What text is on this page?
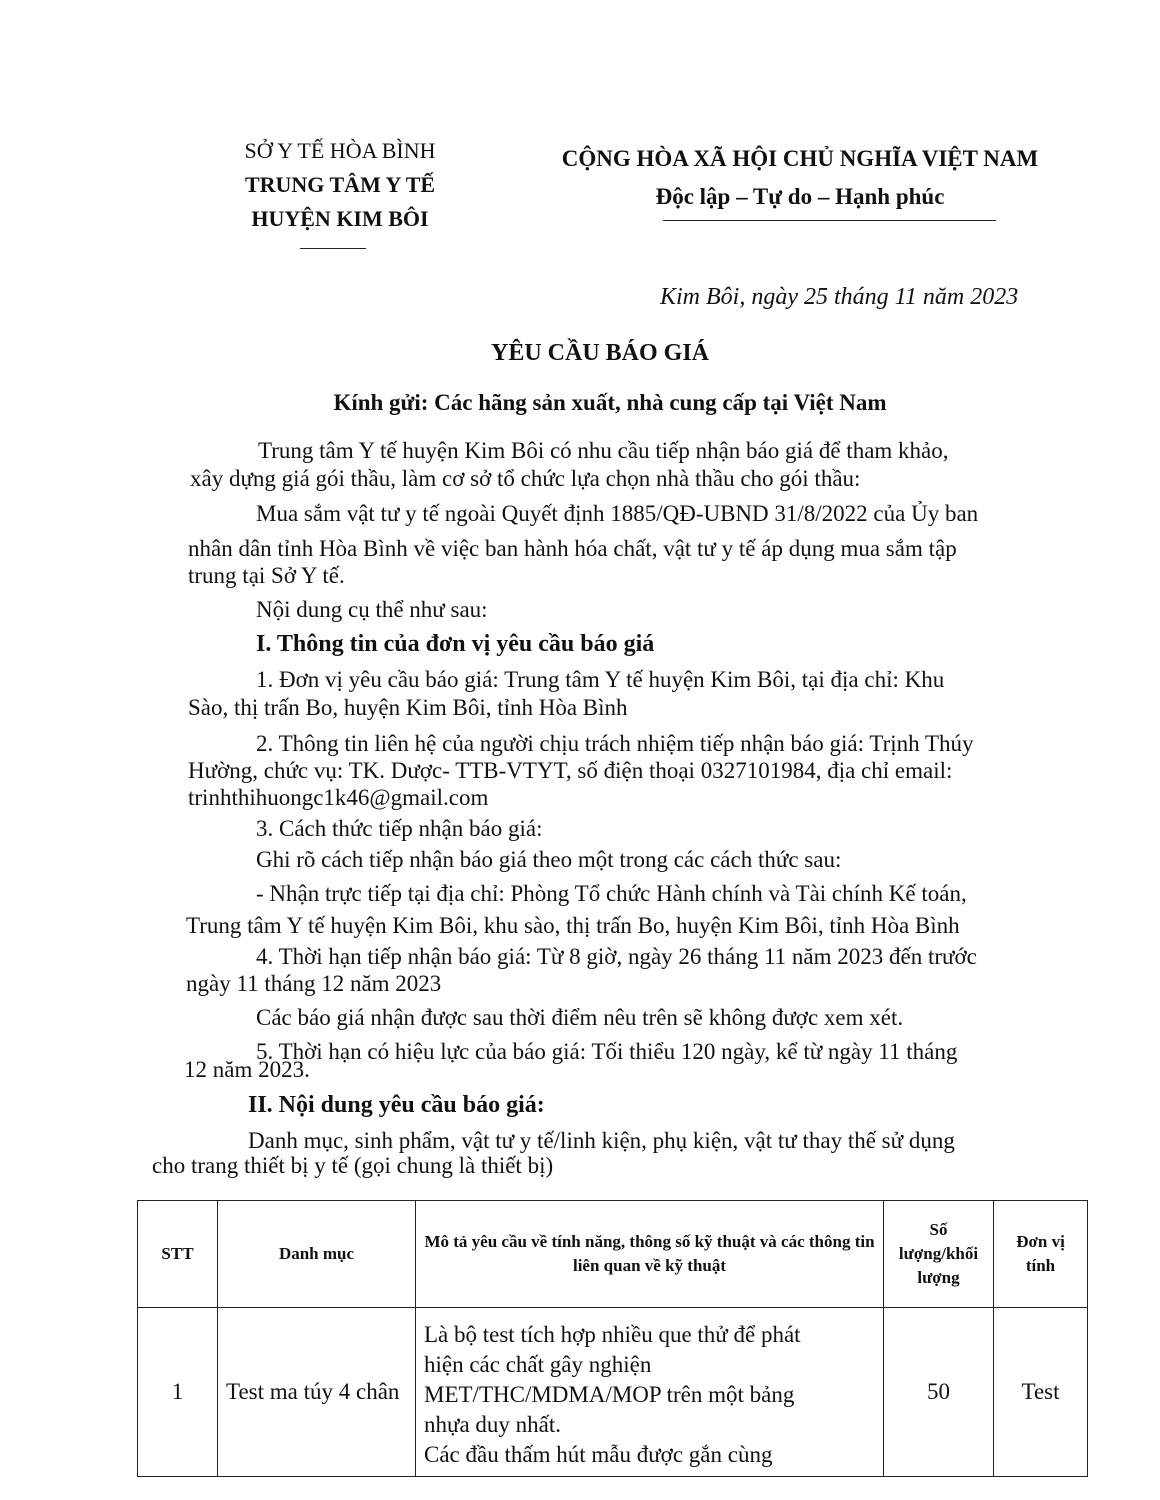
SỞ Y TẾ HÒA BÌNH
TRUNG TÂM Y TẾ
HUYỆN KIM BÔI
CỘNG HÒA XÃ HỘI CHỦ NGHĨA VIỆT NAM
Độc lập – Tự do – Hạnh phúc
Kim Bôi, ngày 25 tháng 11 năm 2023
YÊU CẦU BÁO GIÁ
Kính gửi: Các hãng sản xuất, nhà cung cấp tại Việt Nam
Trung tâm Y tế huyện Kim Bôi có nhu cầu tiếp nhận báo giá để tham khảo,
xây dựng giá gói thầu, làm cơ sở tổ chức lựa chọn nhà thầu cho gói thầu:
Mua sắm vật tư y tế ngoài Quyết định 1885/QĐ-UBND 31/8/2022 của Ủy ban
nhân dân tỉnh Hòa Bình về việc ban hành hóa chất, vật tư y tế áp dụng mua sắm tập
trung tại Sở Y tế.
Nội dung cụ thể như sau:
I. Thông tin của đơn vị yêu cầu báo giá
1. Đơn vị yêu cầu báo giá: Trung tâm Y tế huyện Kim Bôi, tại địa chỉ: Khu
Sào, thị trấn Bo, huyện Kim Bôi, tỉnh Hòa Bình
2. Thông tin liên hệ của người chịu trách nhiệm tiếp nhận báo giá: Trịnh Thúy
Hường, chức vụ: TK. Dược- TTB-VTYT, số điện thoại 0327101984, địa chỉ email:
trinhthihuongc1k46@gmail.com
3. Cách thức tiếp nhận báo giá:
Ghi rõ cách tiếp nhận báo giá theo một trong các cách thức sau:
- Nhận trực tiếp tại địa chỉ: Phòng Tổ chức Hành chính và Tài chính Kế toán,
Trung tâm Y tế huyện Kim Bôi, khu sào, thị trấn Bo, huyện Kim Bôi, tỉnh Hòa Bình
4. Thời hạn tiếp nhận báo giá: Từ 8 giờ, ngày 26 tháng 11 năm 2023 đến trước
ngày 11 tháng 12 năm 2023
Các báo giá nhận được sau thời điểm nêu trên sẽ không được xem xét.
5. Thời hạn có hiệu lực của báo giá: Tối thiểu 120 ngày, kể từ ngày 11 tháng
12 năm 2023.
II. Nội dung yêu cầu báo giá:
Danh mục, sinh phẩm, vật tư y tế/linh kiện, phụ kiện, vật tư thay thế sử dụng
cho trang thiết bị y tế (gọi chung là thiết bị)
STT	Danh mục	Mô tả yêu cầu về tính năng, thông số kỹ thuật và các thông tin liên quan về kỹ thuật	Số lượng/khối lượng	Đơn vị tính
1	Test ma túy 4 chân	Là bộ test tích hợp nhiều que thử để phát
hiện các chất gây nghiện
MET/THC/MDMA/MOP trên một bảng
nhựa duy nhất.
Các đầu thấm hút mẫu được gắn cùng	50	Test
